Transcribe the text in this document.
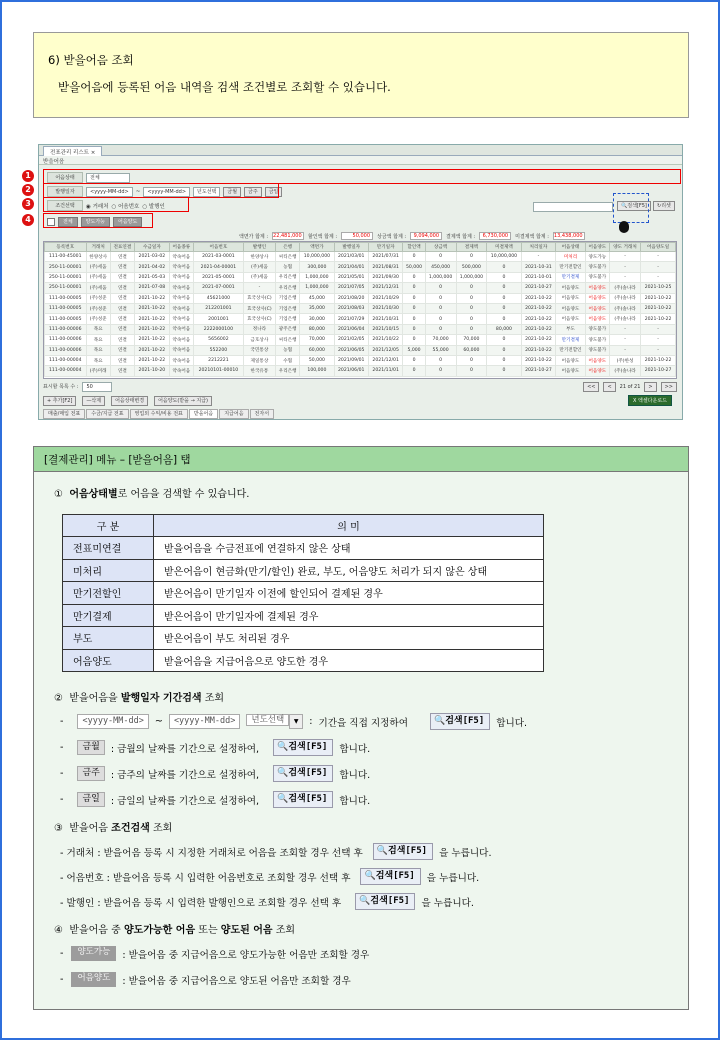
6) 받을어음 조회
받을어음에 등록된 어음 내역을 검색 조건별로 조회할 수 있습니다.
전표관리 리스트 ×
받을어음
어음상태	전체
발행일자	<yyyy-MM-dd>	~	<yyyy-MM-dd>	년도선택	금월	금주	금일
조건선택	◉ 거래처 ○ 어음번호 ○ 발행인	🔍검색[F5]	↻리셋
전체	양도가능	어음양도
액면가 합계 : 22,481,000	할인액 합계 :	50,000	상금액 합계 :	9,094,000	결제액 합계 :	6,730,000	미결제액 합계 : 13,438,000
등록번호	거래처	전표연결	수금일자	어음종류	어음번호	발행인	은행	액면가	발행일자	만기일자	할인액	상금액	결제액	미결제액	처리일자	어음상태	어음양도	양도 거래처	어음양도일
111-00-45001	한양상사	연결	2021-03-02	약속어음	2021-03-0001	한양상사	씨티은행	10,000,000	2021/03/01	2021/07/31	0	0	0	10,000,000	-	미처리	양도가능	-	-
250-11-00001	(주)세움	연결	2021-04-02	약속어음	2021-04-00001	(주)세움	농협	300,000	2021/04/01	2021/08/31	50,000	450,000	500,000	0	2021-10-31	만기전할인	양도불가	-	-
250-11-00001	(주)세움	연결	2021-05-03	약속어음	2021-05-0001	(주)세움	우리은행	1,000,000	2021/05/01	2021/09/30	0	1,000,000	1,000,000	0	2021-10-01	만기결제	양도불가	-	-
250-11-00001	(주)세움	연결	2021-07-08	약속어음	2021-07-0001	-	우리은행	1,000,000	2021/07/05	2021/12/31	0	0	0	0	2021-10-27	어음양도	어음양도	(주)솔나라	2021-10-25
111-00-00005	(주)성준	연결	2021-10-22	약속어음	45621000	효국상사(C)	기업은행	45,000	2021/08/20	2021/10/29	0	0	0	0	2021-10-22	어음양도	어음양도	(주)솔나라	2021-10-22
111-00-00005	(주)성준	연결	2021-10-22	약속어음	212201001	효국상사(C)	기업은행	35,000	2021/08/03	2021/10/30	0	0	0	0	2021-10-22	어음양도	어음양도	(주)솔나라	2021-10-22
111-00-00005	(주)성준	연결	2021-10-22	약속어음	2001001	효국상사(C)	기업은행	30,000	2021/07/29	2021/10/31	0	0	0	0	2021-10-22	어음양도	어음양도	(주)솔나라	2021-10-22
111-00-00006	목요	연결	2021-10-22	약속어음	2222000100	정나라	광주은행	80,000	2021/06/04	2021/10/15	0	0	0	80,000	2021-10-22	부도	양도불가	-	-
111-00-00006	목요	연결	2021-10-22	약속어음	5656002	금호상사	씨티은행	70,000	2021/02/05	2021/10/22	0	70,000	70,000	0	2021-10-22	만기결제	양도불가	-	-
111-00-00006	목요	연결	2021-10-22	약속어음	552200	국민통상	농협	60,000	2021/06/05	2021/12/05	5,000	55,000	60,000	0	2021-10-22	만기전할인	양도불가	-	-
111-00-00004	목요	연결	2021-10-22	약속어음	2212221	제일통상	수협	50,000	2021/09/01	2021/12/01	0	0	0	0	2021-10-22	어음양도	어음양도	(주)한성	2021-10-22
111-00-00004	(주)미래	연결	2021-10-20	약속어음	20210101-00010	한국유통	우리은행	100,000	2021/06/01	2021/11/01	0	0	0	0	2021-10-27	어음양도	어음양도	(주)솔나라	2021-10-27
표시할 목록 수 :	50	<<	<	21 of 21	>	>>
+ 추가[F2]	—삭제	어음상태변경	어음양도(받을 → 지급)	X 엑셀다운로드
매출/매입 전표	수금/지급 전표	영업외 수익/비용 전표	받을어음	지급어음	전자서
1
2
3
4
[결제관리] 메뉴 – [받을어음] 탭
① 어음상태별로 어음을 검색할 수 있습니다.
구 분	의 미
전표미연결	받을어음을 수금전표에 연결하지 않은 상태
미처리	받은어음이 현금화(만기/할인) 완료, 부도, 어음양도 처리가 되지 않은 상태
만기전할인	받은어음이 만기일자 이전에 할인되어 결제된 경우
만기결제	받은어음이 만기일자에 결제된 경우
부도	받은어음이 부도 처리된 경우
어음양도	받을어음을 지급어음으로 양도한 경우
② 받을어음을 발행일자 기간검색 조회
-	<yyyy-MM-dd>	~	<yyyy-MM-dd>	년도선택 ▼	: 기간을 직접 지정하여	🔍검색[F5]	합니다.
-	금월	: 금월의 날짜를 기간으로 설정하여,	🔍검색[F5]	합니다.
-	금주	: 금주의 날짜를 기간으로 설정하여,	🔍검색[F5]	합니다.
-	금일	: 금일의 날짜를 기간으로 설정하여,	🔍검색[F5]	합니다.
③ 받을어음 조건검색 조회
- 거래처 : 받을어음 등록 시 지정한 거래처로 어음을 조회할 경우 선택 후	🔍검색[F5]	을 누릅니다.
- 어음번호 : 받을어음 등록 시 입력한 어음번호로 조회할 경우 선택 후	🔍검색[F5]	을 누릅니다.
- 발행인 : 받을어음 등록 시 입력한 발행인으로 조회할 경우 선택 후	🔍검색[F5]	을 누릅니다.
④ 받을어음 중 양도가능한 어음 또는 양도된 어음 조회
-	양도가능	: 받을어음 중 지급어음으로 양도가능한 어음만 조회할 경우
-	어음양도	: 받을어음 중 지급어음으로 양도된 어음만 조회할 경우
